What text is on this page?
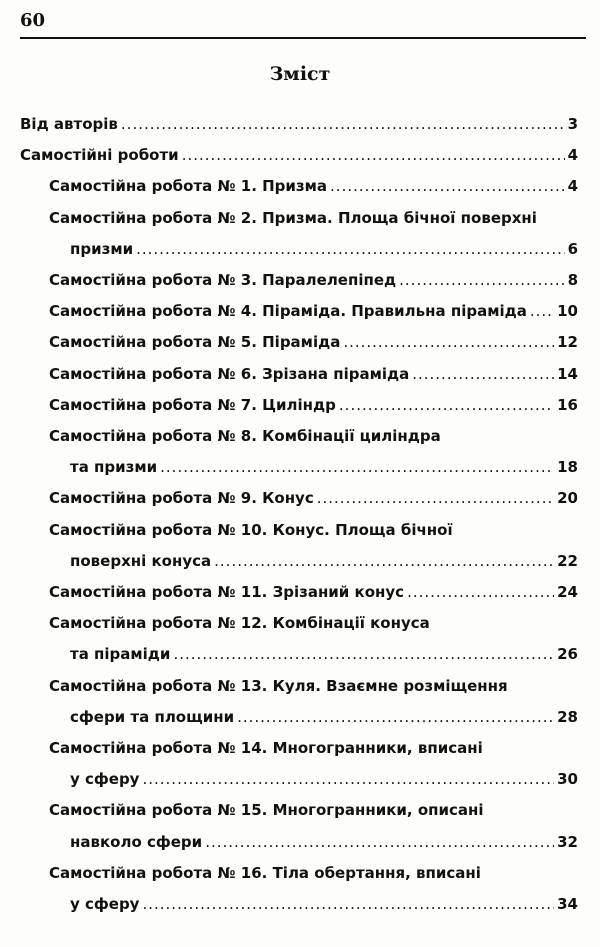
60
Зміст
Від авторів .....	3
Самостійні роботи .....	4
Самостійна робота № 1. Призма .....	4
Самостійна робота № 2. Призма. Площа бічної поверхні
призми .....	6
Самостійна робота № 3. Паралелепіпед .....	8
Самостійна робота № 4. Піраміда. Правильна піраміда ..... 10
Самостійна робота № 5. Піраміда .....	12
Самостійна робота № 6. Зрізана піраміда .....	14
Самостійна робота № 7. Циліндр .....	16
Самостійна робота № 8. Комбінації циліндра
та призми .....	18
Самостійна робота № 9. Конус .....	20
Самостійна робота № 10. Конус. Площа бічної
поверхні конуса .....	22
Самостійна робота № 11. Зрізаний конус .....	24
Самостійна робота № 12. Комбінації конуса
та піраміди .....	26
Самостійна робота № 13. Куля. Взаємне розміщення
сфери та площини .....	28
Самостійна робота № 14. Многогранники, вписані
у сферу .....	30
Самостійна робота № 15. Многогранники, описані
навколо сфери .....	32
Самостійна робота № 16. Тіла обертання, вписані
у сферу .....	34
